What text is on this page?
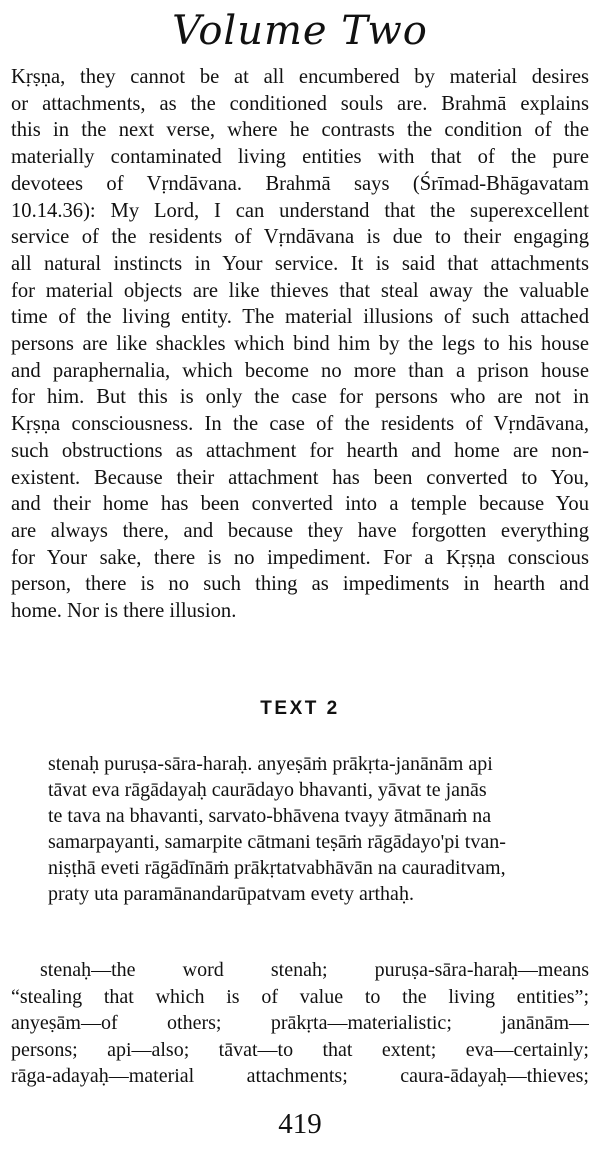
Volume Two
Kṛṣṇa, they cannot be at all encumbered by material desires
or attachments, as the conditioned souls are. Brahmā explains
this in the next verse, where he contrasts the condition of the
materially contaminated living entities with that of the pure
devotees of Vṛndāvana. Brahmā says (Śrīmad-Bhāgavatam
10.14.36): My Lord, I can understand that the superexcellent
service of the residents of Vṛndāvana is due to their engaging
all natural instincts in Your service. It is said that attachments
for material objects are like thieves that steal away the valuable
time of the living entity. The material illusions of such attached
persons are like shackles which bind him by the legs to his house
and paraphernalia, which become no more than a prison house
for him. But this is only the case for persons who are not in
Kṛṣṇa consciousness. In the case of the residents of Vṛndāvana,
such obstructions as attachment for hearth and home are non-
existent. Because their attachment has been converted to You,
and their home has been converted into a temple because You
are always there, and because they have forgotten everything
for Your sake, there is no impediment. For a Kṛṣṇa conscious
person, there is no such thing as impediments in hearth and
home. Nor is there illusion.
TEXT 2
stenaḥ puruṣa-sāra-haraḥ. anyeṣāṁ prākṛta-janānām api
tāvat eva rāgādayaḥ caurādayo bhavanti, yāvat te janās
te tava na bhavanti, sarvato-bhāvena tvayy ātmānaṁ na
samarpayanti, samarpite cātmani teṣāṁ rāgādayo'pi tvan-
niṣṭhā eveti rāgādīnāṁ prākṛtatvabhāvān na cauraditvam,
praty uta paramānandarūpatvam evety arthaḥ.
stenaḥ—the word stenah; puruṣa-sāra-haraḥ—means
“stealing that which is of value to the living entities”;
anyeṣām—of others; prākṛta—materialistic; janānām—
persons; api—also; tāvat—to that extent; eva—certainly;
rāga-adayaḥ—material attachments; caura-ādayaḥ—thieves;
419
